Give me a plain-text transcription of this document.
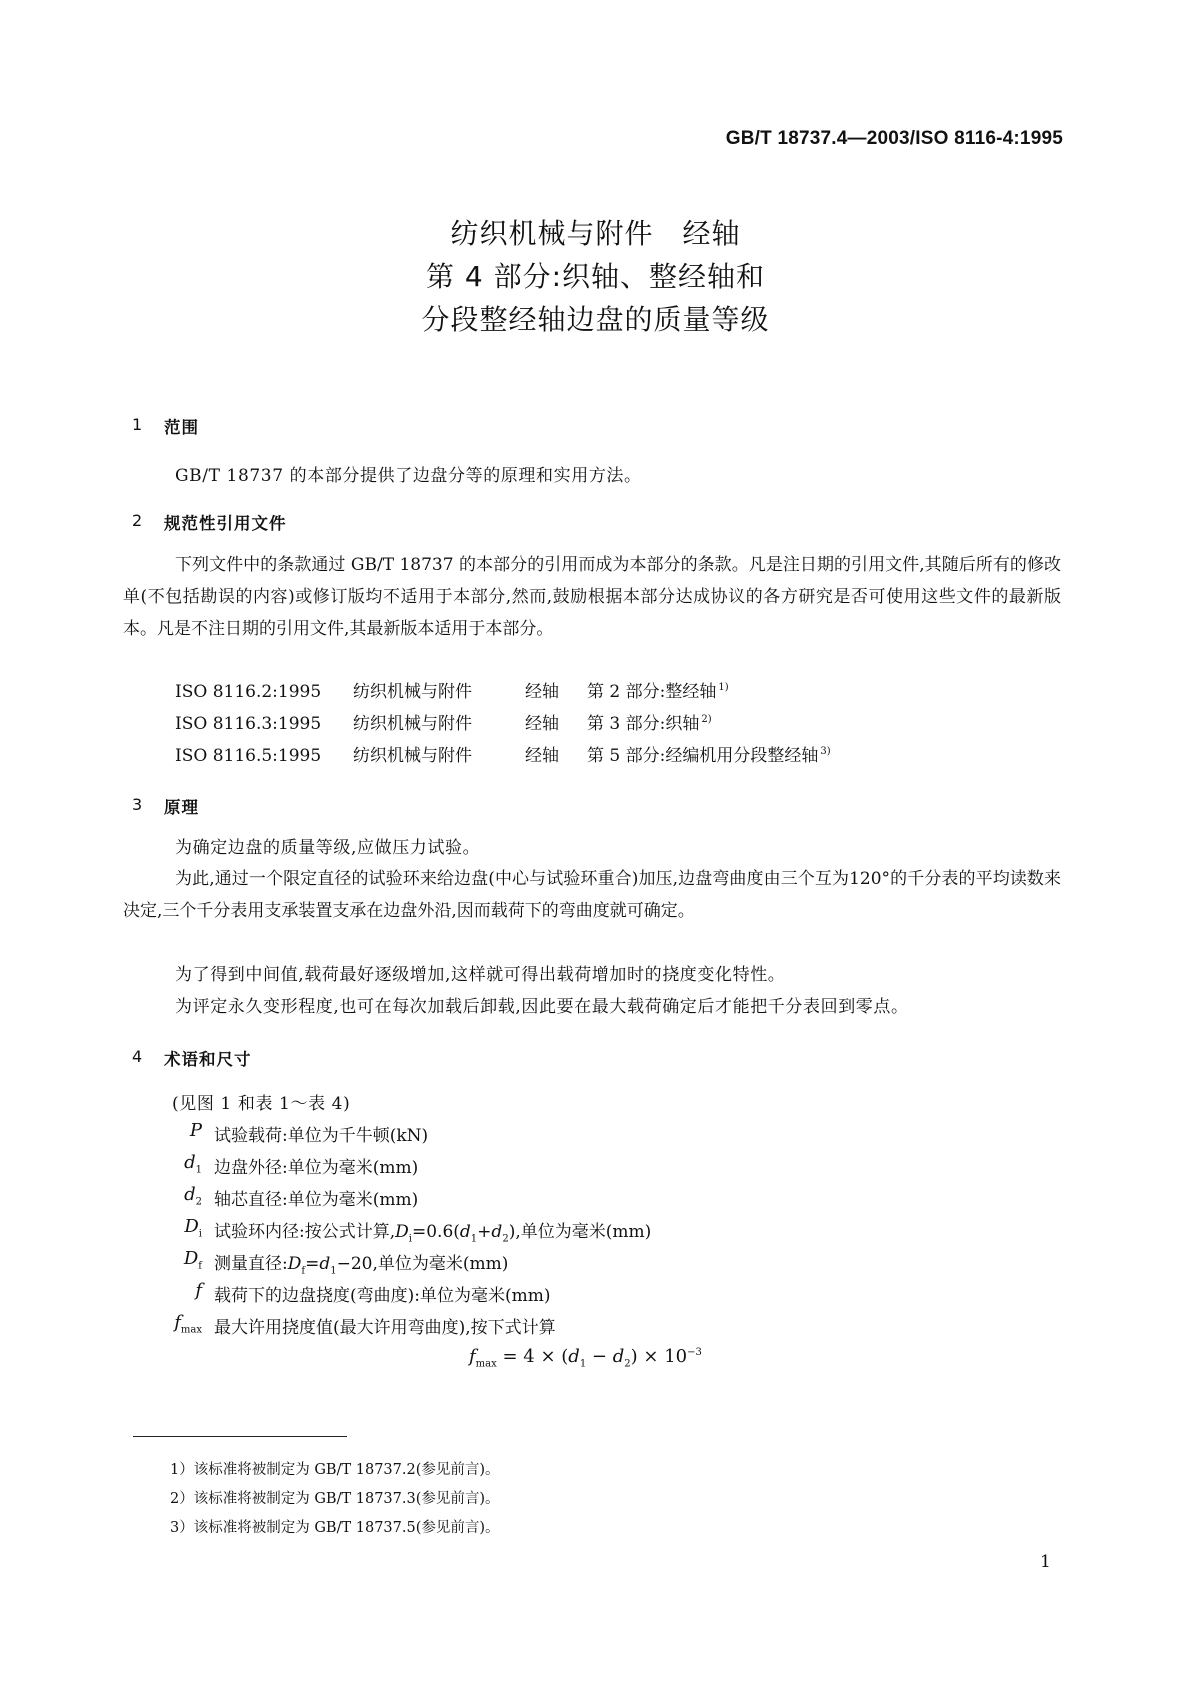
GB/T 18737.4—2003/ISO 8116-4:1995
纺织机械与附件　经轴
第 4 部分:织轴、整经轴和
分段整经轴边盘的质量等级
1 范围
GB/T 18737 的本部分提供了边盘分等的原理和实用方法。
2 规范性引用文件
下列文件中的条款通过 GB/T 18737 的本部分的引用而成为本部分的条款。凡是注日期的引用文件,其随后所有的修改单(不包括勘误的内容)或修订版均不适用于本部分,然而,鼓励根据本部分达成协议的各方研究是否可使用这些文件的最新版本。凡是不注日期的引用文件,其最新版本适用于本部分。
ISO 8116.2:1995 纺织机械与附件	经轴 第 2 部分:整经轴 $^{1)}$
ISO 8116.3:1995 纺织机械与附件	经轴 第 3 部分:织轴 $^{2)}$
ISO 8116.5:1995 纺织机械与附件	经轴 第 5 部分:经编机用分段整经轴 $^{3)}$
3 原理
为确定边盘的质量等级,应做压力试验。
为此,通过一个限定直径的试验环来给边盘(中心与试验环重合)加压,边盘弯曲度由三个互为120°的千分表的平均读数来决定,三个千分表用支承装置支承在边盘外沿,因而载荷下的弯曲度就可确定。
为了得到中间值,载荷最好逐级增加,这样就可得出载荷增加时的挠度变化特性。
为评定永久变形程度,也可在每次加载后卸载,因此要在最大载荷确定后才能把千分表回到零点。
4 术语和尺寸
(见图 1 和表 1～表 4)
P 试验载荷:单位为千牛顿(kN)
$d_1$ 边盘外径:单位为毫米(mm)
$d_2$ 轴芯直径:单位为毫米(mm)
$D_i$ 试验环内径:按公式计算$,D_i=0.6(d_1+d_2)$,单位为毫米(mm)
$D_f$ 测量直径$:D_f=d_1-20$,单位为毫米(mm)
f 载荷下的边盘挠度(弯曲度):单位为毫米(mm)
$f_{max}$ 最大许用挠度值(最大许用弯曲度),按下式计算
$f_{max} = 4 \times (d_1 - d_2) \times 10^{-3}$
1）该标准将被制定为 GB/T 18737.2(参见前言)。
2）该标准将被制定为 GB/T 18737.3(参见前言)。
3）该标准将被制定为 GB/T 18737.5(参见前言)。
1
